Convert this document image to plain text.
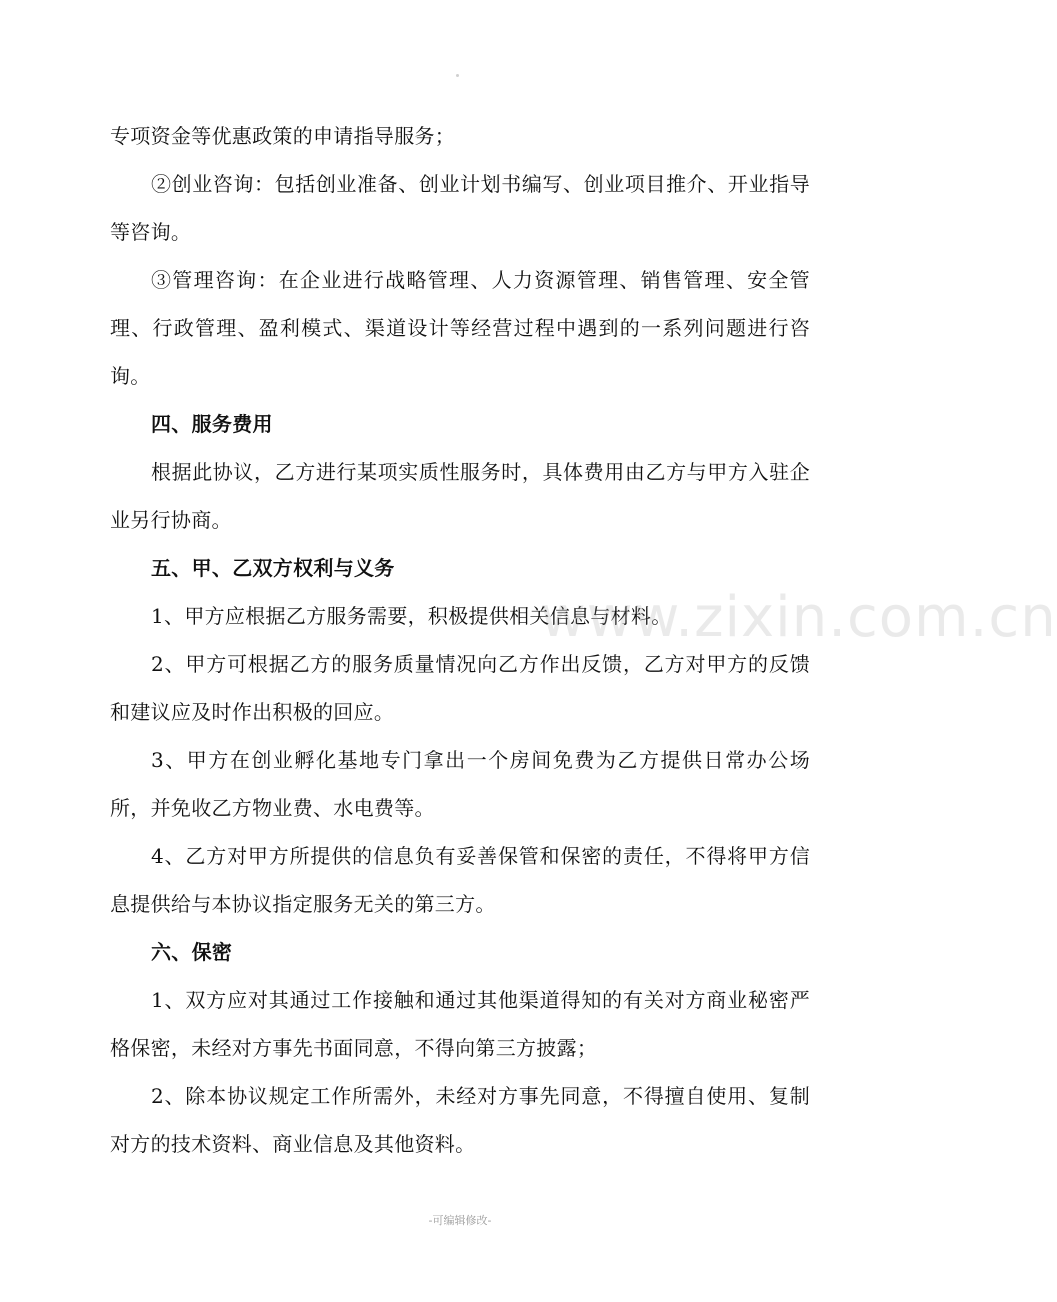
专项资金等优惠政策的申请指导服务；

②创业咨询：包括创业准备、创业计划书编写、创业项目推介、开业指导等咨询。

③管理咨询：在企业进行战略管理、人力资源管理、销售管理、安全管理、行政管理、盈利模式、渠道设计等经营过程中遇到的一系列问题进行咨询。

四、服务费用

根据此协议，乙方进行某项实质性服务时，具体费用由乙方与甲方入驻企业另行协商。

五、甲、乙双方权利与义务

1、甲方应根据乙方服务需要，积极提供相关信息与材料。

2、甲方可根据乙方的服务质量情况向乙方作出反馈，乙方对甲方的反馈和建议应及时作出积极的回应。

3、甲方在创业孵化基地专门拿出一个房间免费为乙方提供日常办公场所，并免收乙方物业费、水电费等。

4、乙方对甲方所提供的信息负有妥善保管和保密的责任，不得将甲方信息提供给与本协议指定服务无关的第三方。

六、保密

1、双方应对其通过工作接触和通过其他渠道得知的有关对方商业秘密严格保密，未经对方事先书面同意，不得向第三方披露；

2、除本协议规定工作所需外，未经对方事先同意，不得擅自使用、复制对方的技术资料、商业信息及其他资料。

www.zixin.com.cn
-可编辑修改-
